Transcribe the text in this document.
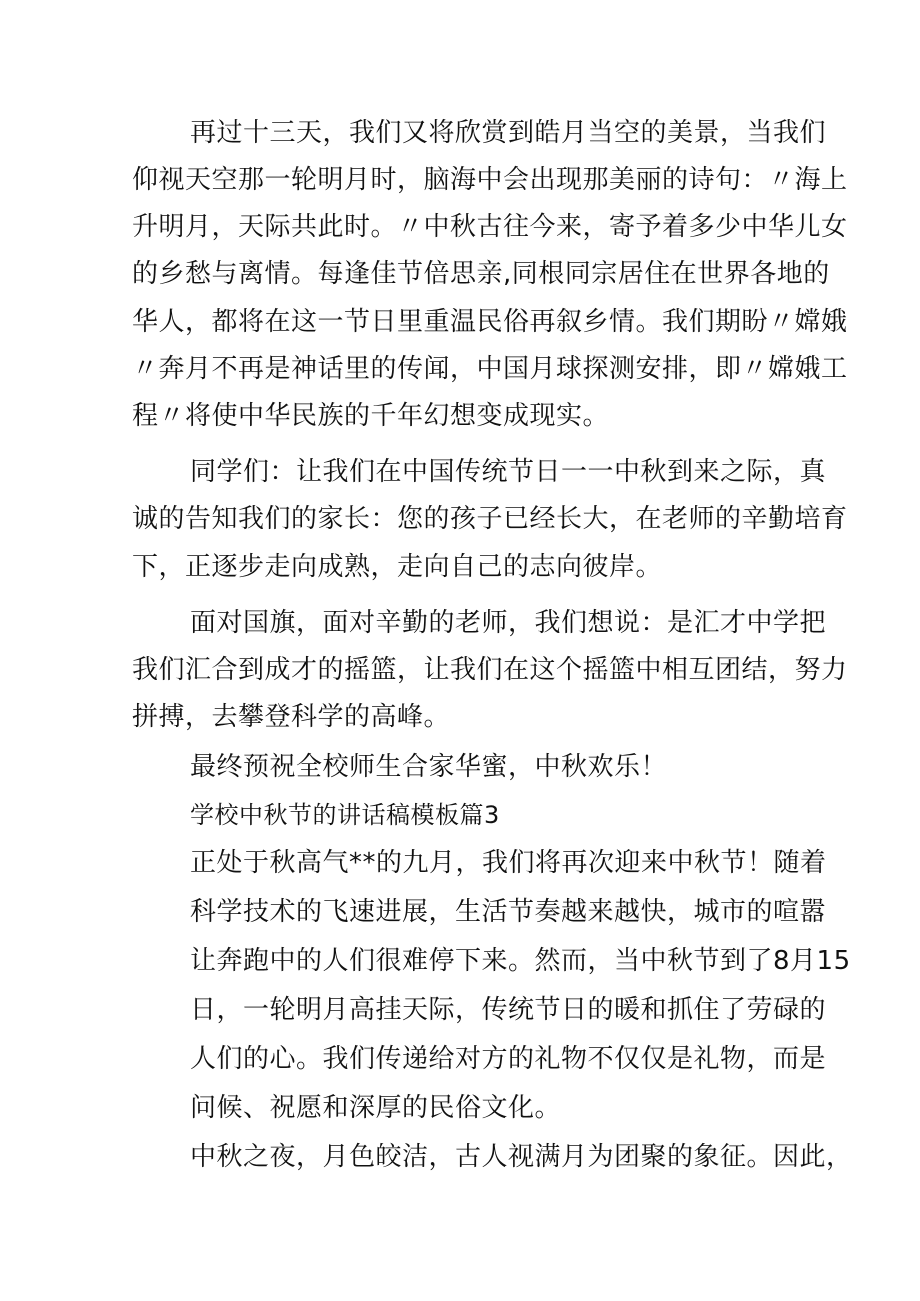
再过十三天，我们又将欣赏到皓月当空的美景，当我们
仰视天空那一轮明月时，脑海中会出现那美丽的诗句：〃海上
升明月，天际共此时。〃中秋古往今来，寄予着多少中华儿女
的乡愁与离情。每逢佳节倍思亲,同根同宗居住在世界各地的
华人，都将在这一节日里重温民俗再叙乡情。我们期盼〃嫦娥
〃奔月不再是神话里的传闻，中国月球探测安排，即〃嫦娥工
程〃将使中华民族的千年幻想变成现实。
同学们：让我们在中国传统节日一一中秋到来之际，真
诚的告知我们的家长：您的孩子已经长大，在老师的辛勤培育
下，正逐步走向成熟，走向自己的志向彼岸。
面对国旗，面对辛勤的老师，我们想说：是汇才中学把
我们汇合到成才的摇篮，让我们在这个摇篮中相互团结，努力
拼搏，去攀登科学的高峰。
最终预祝全校师生合家华蜜，中秋欢乐！
学校中秋节的讲话稿模板篇3
正处于秋高气**的九月，我们将再次迎来中秋节！随着
科学技术的飞速进展，生活节奏越来越快，城市的喧嚣
让奔跑中的人们很难停下来。然而，当中秋节到了8月15
日，一轮明月高挂天际，传统节日的暖和抓住了劳碌的
人们的心。我们传递给对方的礼物不仅仅是礼物，而是
问候、祝愿和深厚的民俗文化。
中秋之夜，月色皎洁，古人视满月为团聚的象征。因此，
